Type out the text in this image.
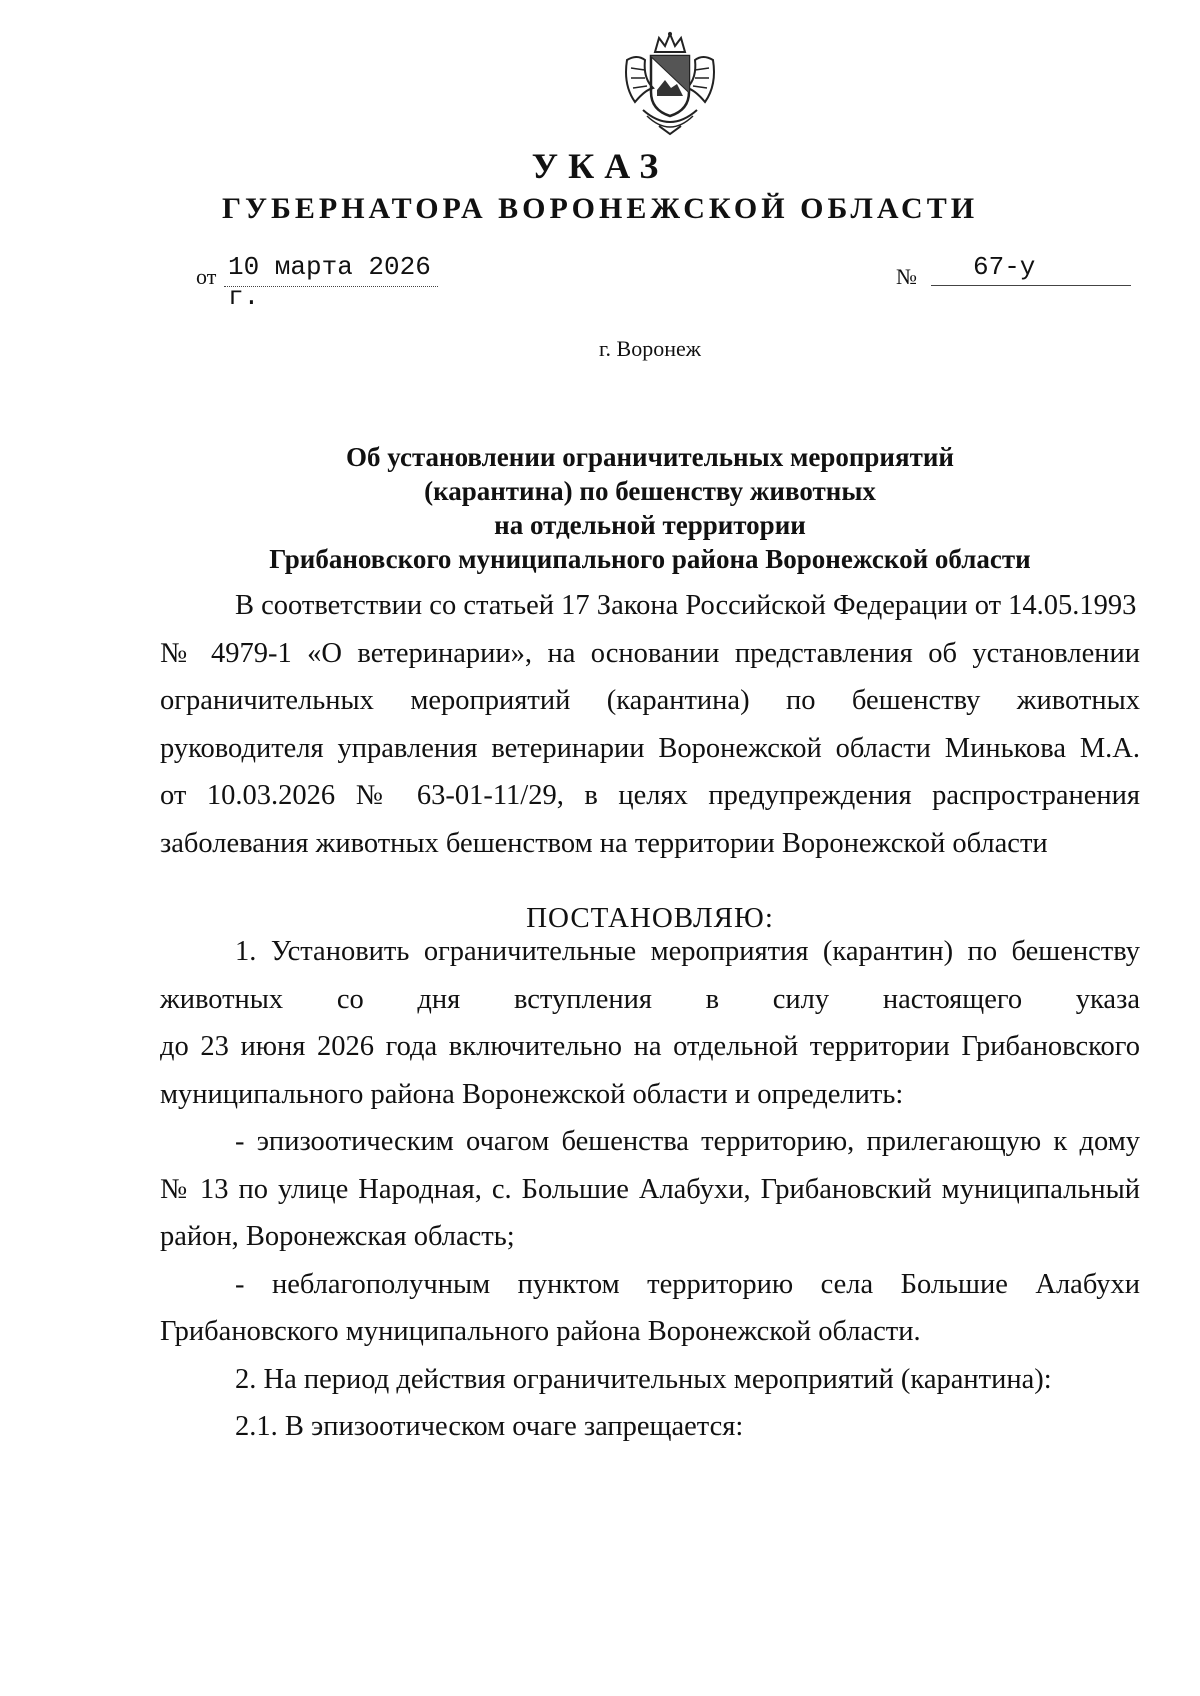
УКАЗ
ГУБЕРНАТОРА ВОРОНЕЖСКОЙ ОБЛАСТИ
от 10 марта 2026 г.
№	67-у
г. Воронеж
Об установлении ограничительных мероприятий
(карантина) по бешенству животных
на отдельной территории
Грибановского муниципального района Воронежской области
В соответствии со статьей 17 Закона Российской Федерации от 14.05.1993
№ 4979-1 «О ветеринарии», на основании представления об установлении
ограничительных мероприятий (карантина) по бешенству животных
руководителя управления ветеринарии Воронежской области Минькова М.А.
от 10.03.2026 № 63-01-11/29, в целях предупреждения распространения
заболевания животных бешенством на территории Воронежской области
ПОСТАНОВЛЯЮ:
1. Установить ограничительные мероприятия (карантин) по бешенству
животных со дня вступления в силу настоящего указа
до 23 июня 2026 года включительно на отдельной территории Грибановского
муниципального района Воронежской области и определить:
- эпизоотическим очагом бешенства территорию, прилегающую к дому
№ 13 по улице Народная, с. Большие Алабухи, Грибановский муниципальный
район, Воронежская область;
- неблагополучным пунктом территорию села Большие Алабухи
Грибановского муниципального района Воронежской области.
2. На период действия ограничительных мероприятий (карантина):
2.1. В эпизоотическом очаге запрещается:
